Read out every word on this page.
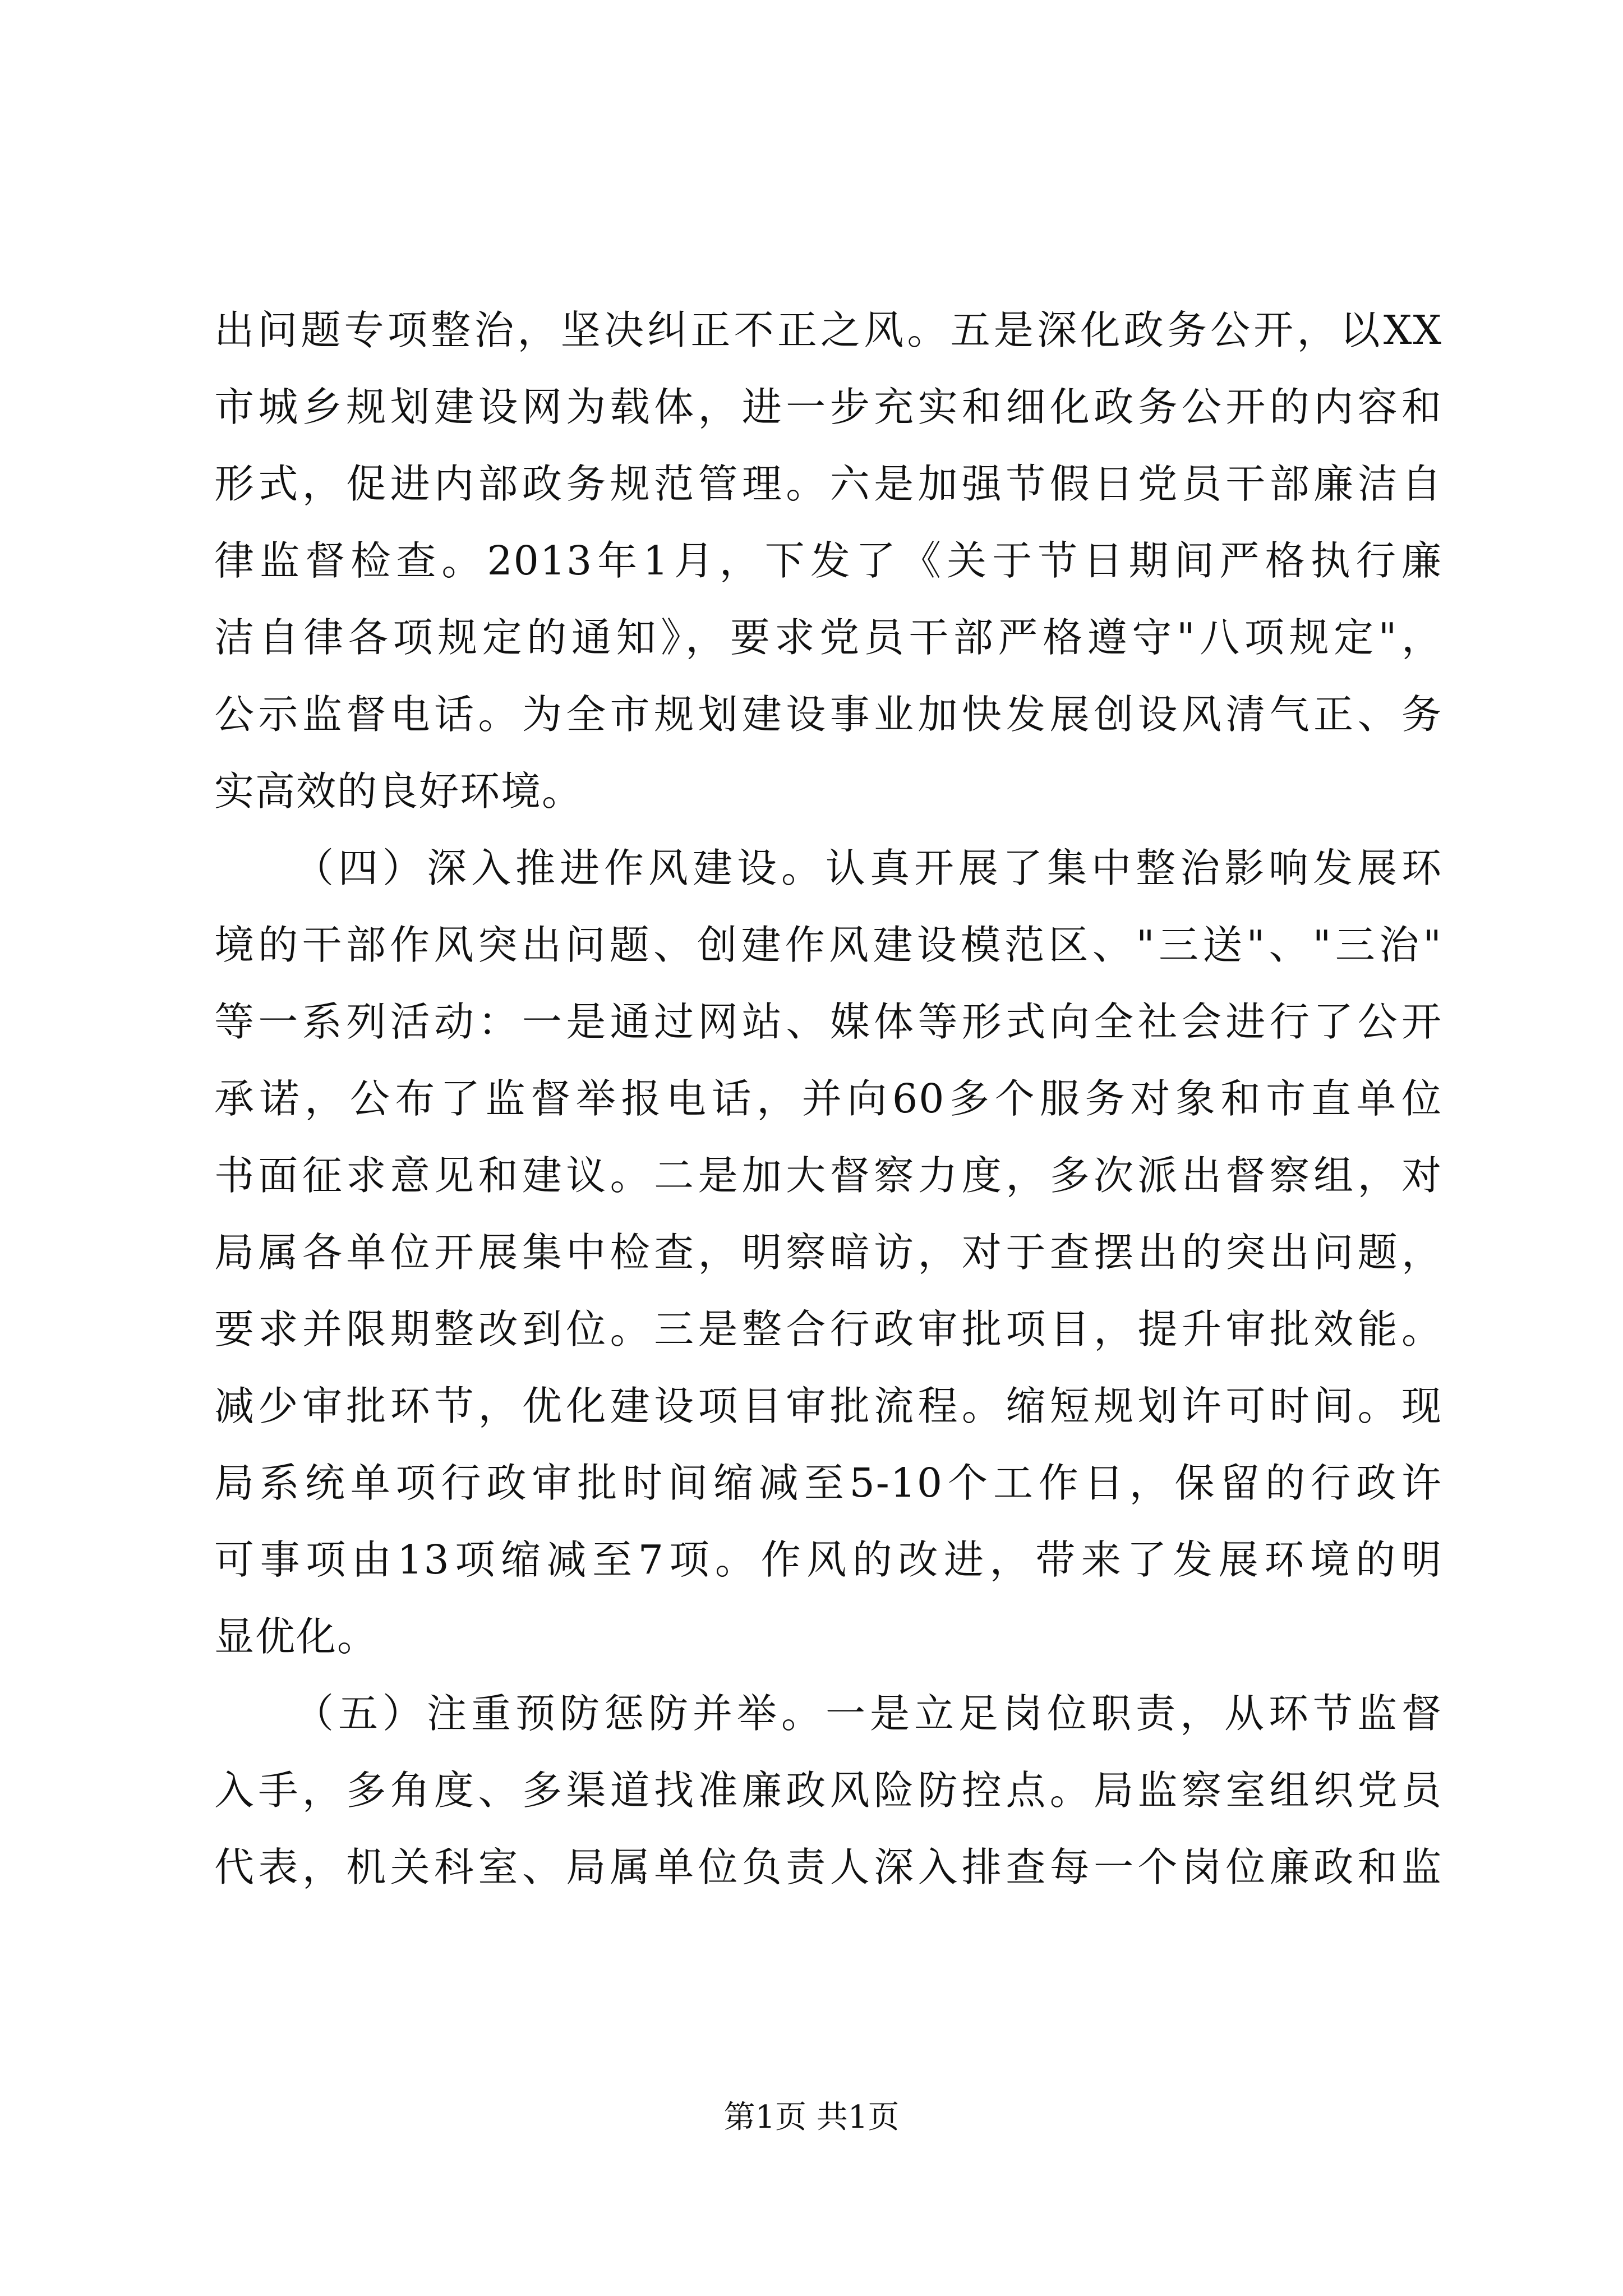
出问题专项整治，坚决纠正不正之风。五是深化政务公开，以XX
市城乡规划建设网为载体，进一步充实和细化政务公开的内容和
形式，促进内部政务规范管理。六是加强节假日党员干部廉洁自
律监督检查。2013年1月，下发了《关于节日期间严格执行廉
洁自律各项规定的通知》，要求党员干部严格遵守"八项规定"，
公示监督电话。为全市规划建设事业加快发展创设风清气正、务
实高效的良好环境。

（四）深入推进作风建设。认真开展了集中整治影响发展环
境的干部作风突出问题、创建作风建设模范区、"三送"、"三治"
等一系列活动：一是通过网站、媒体等形式向全社会进行了公开
承诺，公布了监督举报电话，并向60多个服务对象和市直单位
书面征求意见和建议。二是加大督察力度，多次派出督察组，对
局属各单位开展集中检查，明察暗访，对于查摆出的突出问题，
要求并限期整改到位。三是整合行政审批项目，提升审批效能。
减少审批环节，优化建设项目审批流程。缩短规划许可时间。现
局系统单项行政审批时间缩减至5-10个工作日，保留的行政许
可事项由13项缩减至7项。作风的改进，带来了发展环境的明
显优化。

（五）注重预防惩防并举。一是立足岗位职责，从环节监督
入手，多角度、多渠道找准廉政风险防控点。局监察室组织党员
代表，机关科室、局属单位负责人深入排查每一个岗位廉政和监

第1页 共1页
